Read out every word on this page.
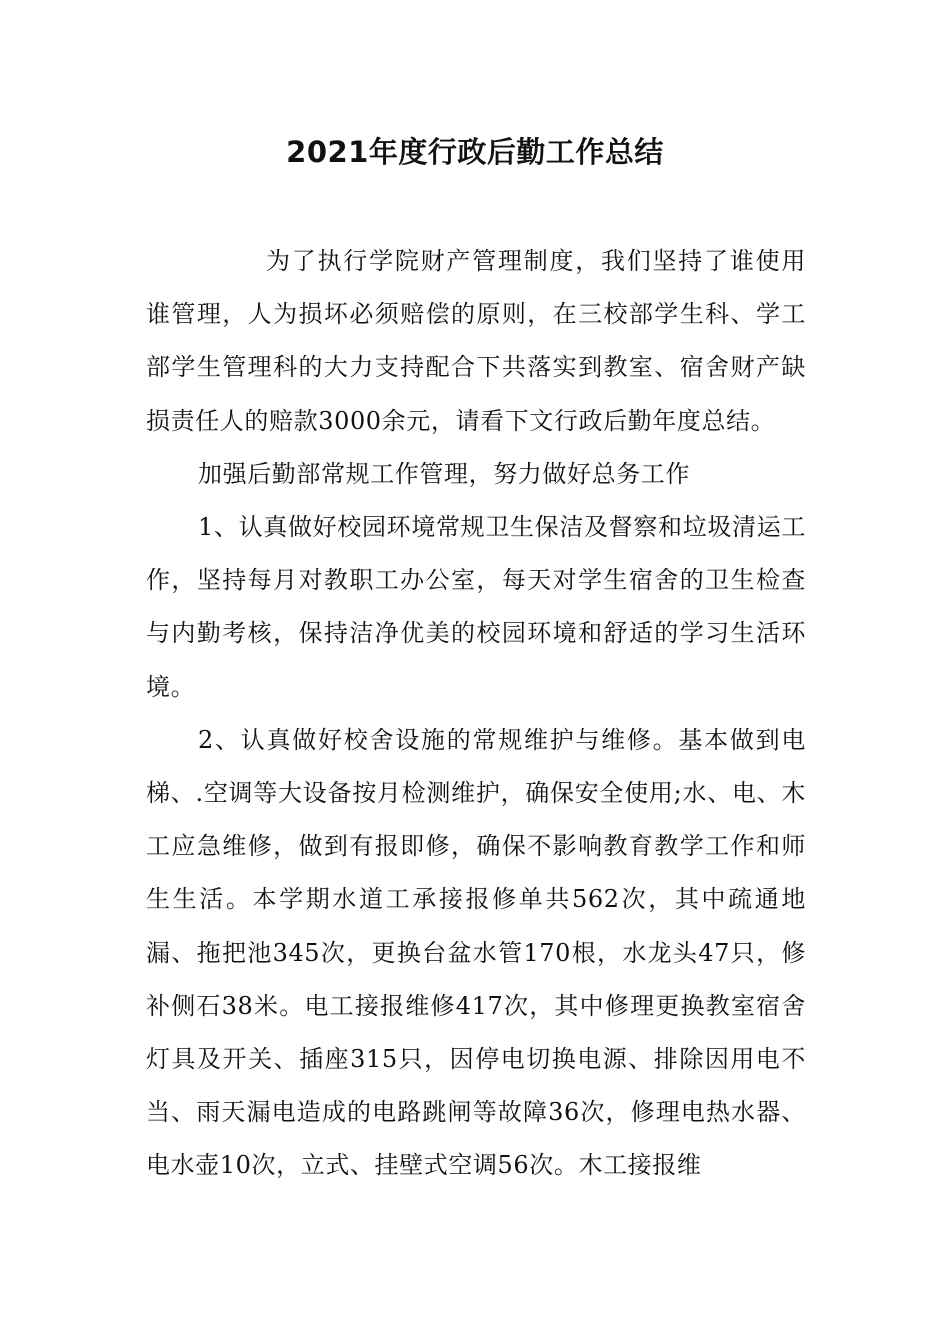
2021年度行政后勤工作总结

为了执行学院财产管理制度，我们坚持了谁使用谁管理，人为损坏必须赔偿的原则，在三校部学生科、学工部学生管理科的大力支持配合下共落实到教室、宿舍财产缺损责任人的赔款3000余元，请看下文行政后勤年度总结。

加强后勤部常规工作管理，努力做好总务工作

1、认真做好校园环境常规卫生保洁及督察和垃圾清运工作，坚持每月对教职工办公室，每天对学生宿舍的卫生检查与内勤考核，保持洁净优美的校园环境和舒适的学习生活环境。

2、认真做好校舍设施的常规维护与维修。基本做到电梯、.空调等大设备按月检测维护，确保安全使用;水、电、木工应急维修，做到有报即修，确保不影响教育教学工作和师生生活。本学期水道工承接报修单共562次，其中疏通地漏、拖把池345次，更换台盆水管170根，水龙头47只，修补侧石38米。电工接报维修417次，其中修理更换教室宿舍灯具及开关、插座315只，因停电切换电源、排除因用电不当、雨天漏电造成的电路跳闸等故障36次，修理电热水器、电水壶10次，立式、挂壁式空调56次。木工接报维
